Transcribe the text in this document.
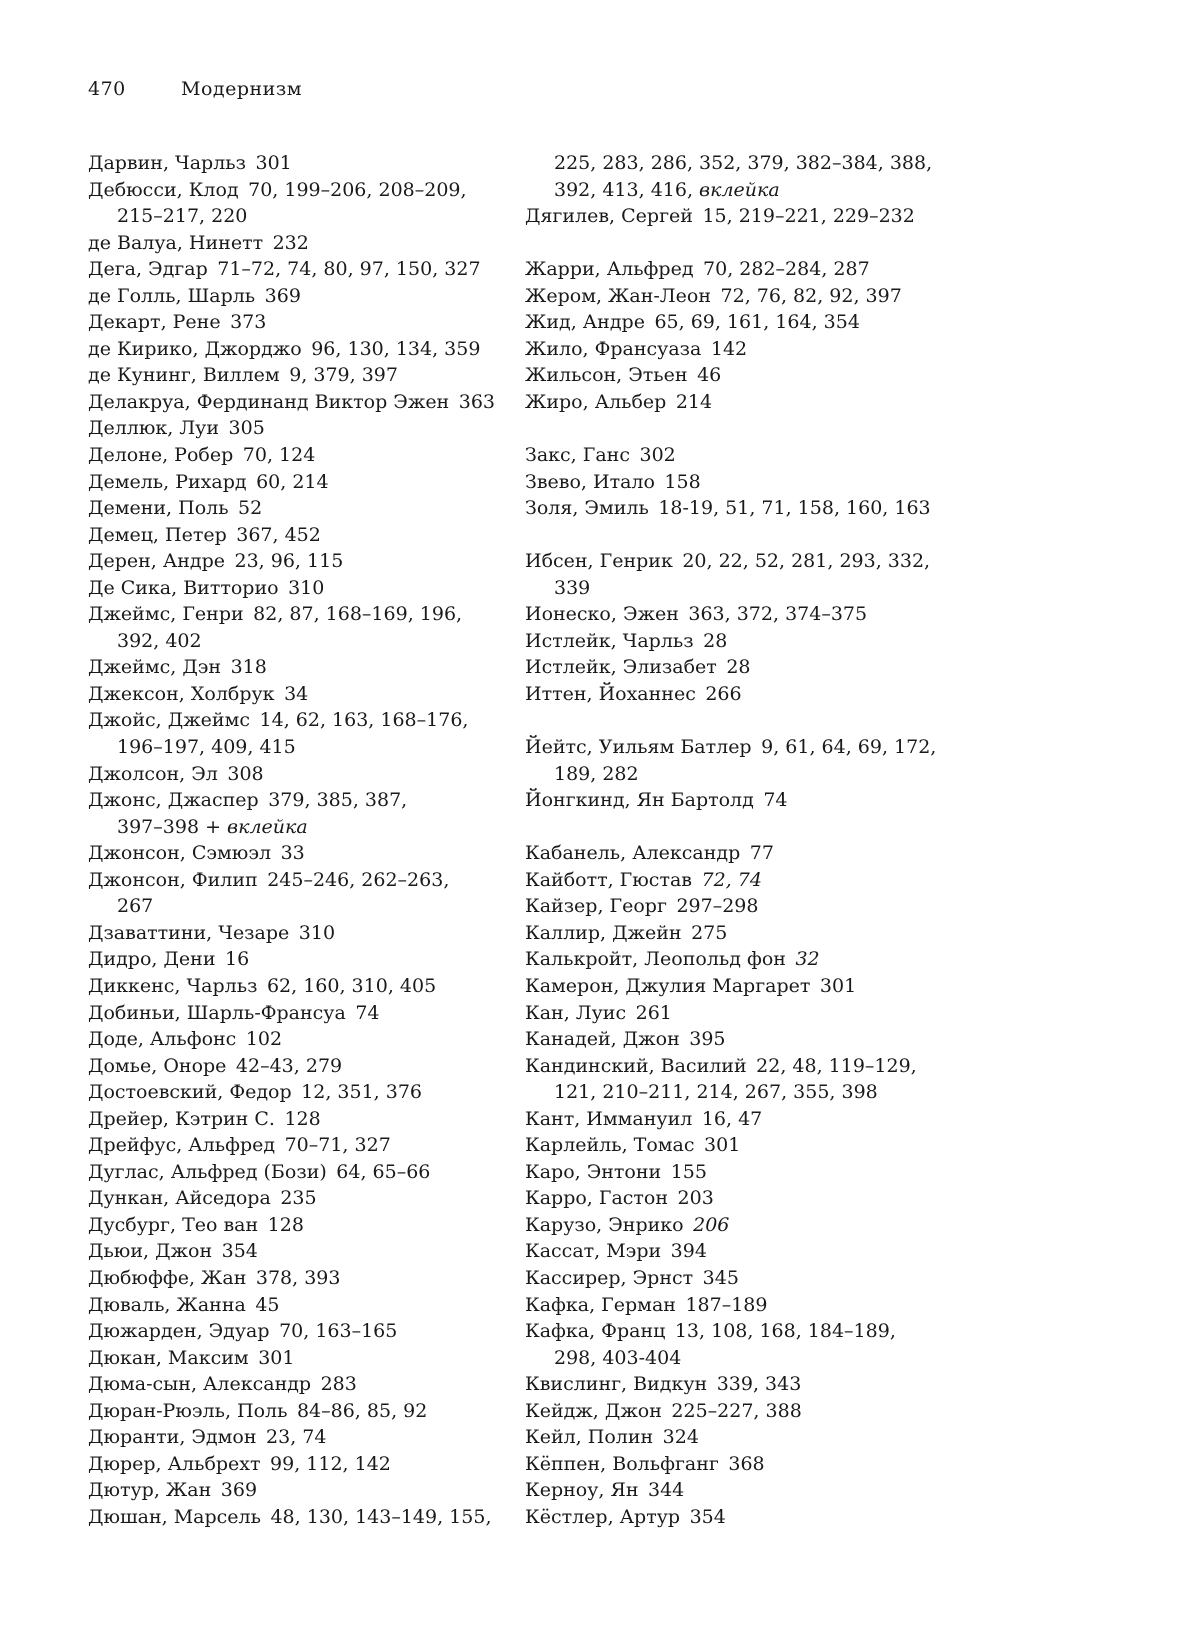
470	Модернизм
Дарвин, Чарльз  301
Дебюсси, Клод  70, 199–206, 208–209,
215–217, 220
де Валуа, Нинетт  232
Дега, Эдгар  71–72, 74, 80, 97, 150, 327
де Голль, Шарль  369
Декарт, Рене  373
де Кирико, Джорджо  96, 130, 134, 359
де Кунинг, Виллем  9, 379, 397
Делакруа, Фердинанд Виктор Эжен  363
Деллюк, Луи  305
Делоне, Робер  70, 124
Демель, Рихард  60, 214
Демени, Поль  52
Демец, Петер  367, 452
Дерен, Андре  23, 96, 115
Де Сика, Витторио  310
Джеймс, Генри  82, 87, 168–169, 196,
392, 402
Джеймс, Дэн  318
Джексон, Холбрук  34
Джойс, Джеймс  14, 62, 163, 168–176,
196–197, 409, 415
Джолсон, Эл  308
Джонс, Джаспер  379, 385, 387,
397–398 + вклейка
Джонсон, Сэмюэл  33
Джонсон, Филип  245–246, 262–263,
267
Дзаваттини, Чезаре  310
Дидро, Дени  16
Диккенс, Чарльз  62, 160, 310, 405
Добиньи, Шарль-Франсуа  74
Доде, Альфонс  102
Домье, Оноре  42–43, 279
Достоевский, Федор  12, 351, 376
Дрейер, Кэтрин С.  128
Дрейфус, Альфред  70–71, 327
Дуглас, Альфред (Бози)  64, 65–66
Дункан, Айседора  235
Дусбург, Тео ван  128
Дьюи, Джон  354
Дюбюффе, Жан  378, 393
Дюваль, Жанна  45
Дюжарден, Эдуар  70, 163–165
Дюкан, Максим  301
Дюма-сын, Александр  283
Дюран-Рюэль, Поль  84–86, 85, 92
Дюранти, Эдмон  23, 74
Дюрер, Альбрехт  99, 112, 142
Дютур, Жан  369
Дюшан, Марсель  48, 130, 143–149, 155,
225, 283, 286, 352, 379, 382–384, 388,
392, 413, 416, вклейка
Дягилев, Сергей  15, 219–221, 229–232
Жарри, Альфред  70, 282–284, 287
Жером, Жан-Леон  72, 76, 82, 92, 397
Жид, Андре  65, 69, 161, 164, 354
Жило, Франсуаза  142
Жильсон, Этьен  46
Жиро, Альбер  214
Закс, Ганс  302
Звево, Итало  158
Золя, Эмиль  18-19, 51, 71, 158, 160, 163
Ибсен, Генрик  20, 22, 52, 281, 293, 332,
339
Ионеско, Эжен  363, 372, 374–375
Истлейк, Чарльз  28
Истлейк, Элизабет  28
Иттен, Йоханнес  266
Йейтс, Уильям Батлер  9, 61, 64, 69, 172,
189, 282
Йонгкинд, Ян Бартолд  74
Кабанель, Александр  77
Кайботт, Гюстав  72, 74
Кайзер, Георг  297–298
Каллир, Джейн  275
Калькройт, Леопольд фон  32
Камерон, Джулия Маргарет  301
Кан, Луис  261
Канадей, Джон  395
Кандинский, Василий  22, 48, 119–129,
121, 210–211, 214, 267, 355, 398
Кант, Иммануил  16, 47
Карлейль, Томас  301
Каро, Энтони  155
Карро, Гастон  203
Карузо, Энрико  206
Кассат, Мэри  394
Кассирер, Эрнст  345
Кафка, Герман  187–189
Кафка, Франц  13, 108, 168, 184–189,
298, 403-404
Квислинг, Видкун  339, 343
Кейдж, Джон  225–227, 388
Кейл, Полин  324
Кёппен, Вольфганг  368
Керноу, Ян  344
Кёстлер, Артур  354
